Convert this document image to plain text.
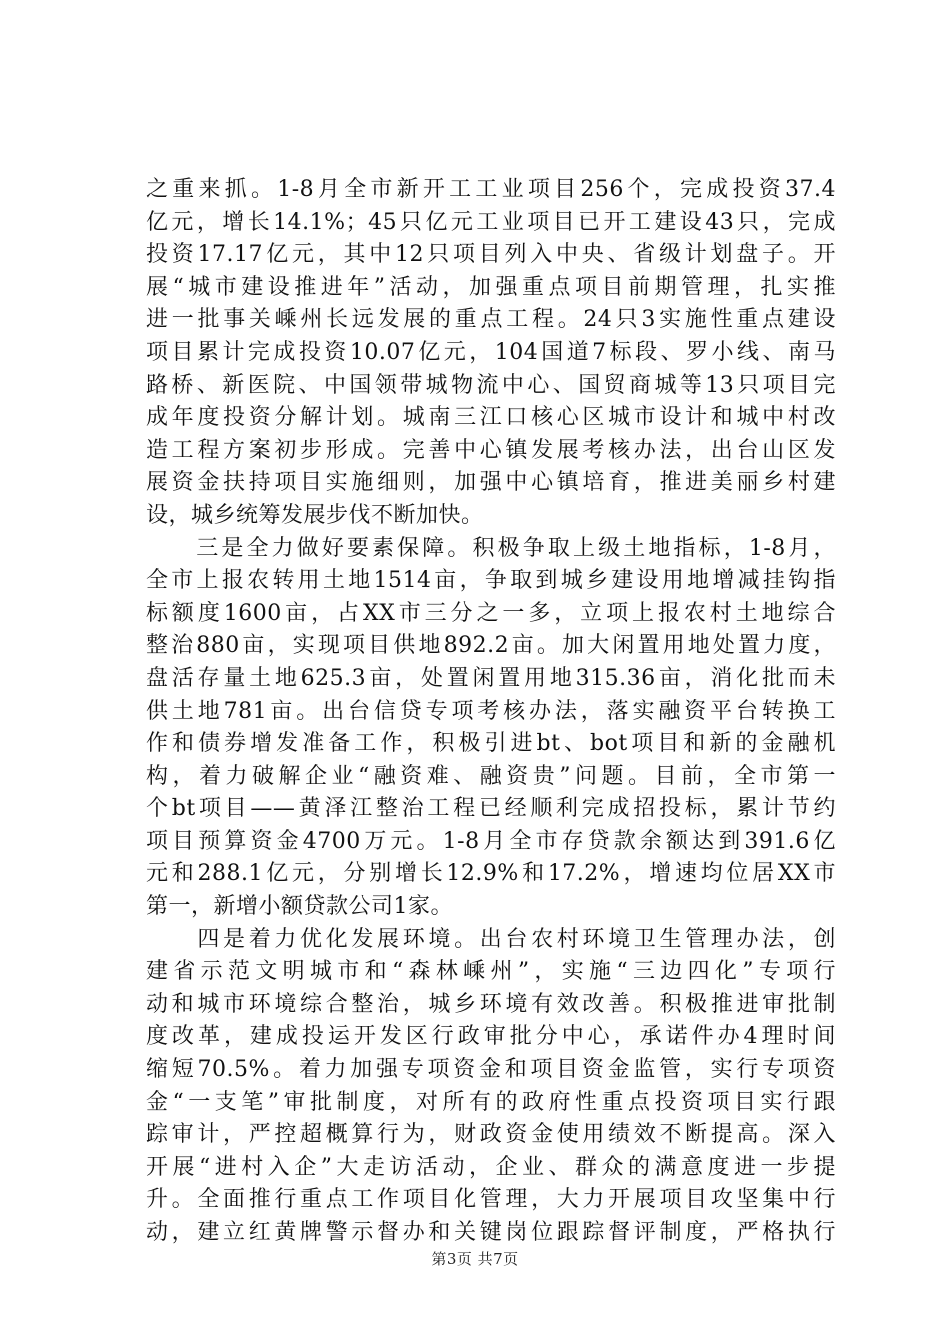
之重来抓。1-8月全市新开工工业项目256个，完成投资37.4
亿元，增长14.1%；45只亿元工业项目已开工建设43只，完成
投资17.17亿元，其中12只项目列入中央、省级计划盘子。开
展“城市建设推进年”活动，加强重点项目前期管理，扎实推
进一批事关嵊州长远发展的重点工程。24只3实施性重点建设
项目累计完成投资10.07亿元，104国道7标段、罗小线、南马
路桥、新医院、中国领带城物流中心、国贸商城等13只项目完
成年度投资分解计划。城南三江口核心区城市设计和城中村改
造工程方案初步形成。完善中心镇发展考核办法，出台山区发
展资金扶持项目实施细则，加强中心镇培育，推进美丽乡村建
设，城乡统筹发展步伐不断加快。
　　三是全力做好要素保障。积极争取上级土地指标，1-8月，
全市上报农转用土地1514亩，争取到城乡建设用地增减挂钩指
标额度1600亩，占XX市三分之一多，立项上报农村土地综合
整治880亩，实现项目供地892.2亩。加大闲置用地处置力度，
盘活存量土地625.3亩，处置闲置用地315.36亩，消化批而未
供土地781亩。出台信贷专项考核办法，落实融资平台转换工
作和债券增发准备工作，积极引进bt、bot项目和新的金融机
构，着力破解企业“融资难、融资贵”问题。目前，全市第一
个bt项目——黄泽江整治工程已经顺利完成招投标，累计节约
项目预算资金4700万元。1-8月全市存贷款余额达到391.6亿
元和288.1亿元，分别增长12.9%和17.2%，增速均位居XX市
第一，新增小额贷款公司1家。
　　四是着力优化发展环境。出台农村环境卫生管理办法，创
建省示范文明城市和“森林嵊州”，实施“三边四化”专项行
动和城市环境综合整治，城乡环境有效改善。积极推进审批制
度改革，建成投运开发区行政审批分中心，承诺件办4理时间
缩短70.5%。着力加强专项资金和项目资金监管，实行专项资
金“一支笔”审批制度，对所有的政府性重点投资项目实行跟
踪审计，严控超概算行为，财政资金使用绩效不断提高。深入
开展“进村入企”大走访活动，企业、群众的满意度进一步提
升。全面推行重点工作项目化管理，大力开展项目攻坚集中行
动，建立红黄牌警示督办和关键岗位跟踪督评制度，严格执行
第3页 共7页
